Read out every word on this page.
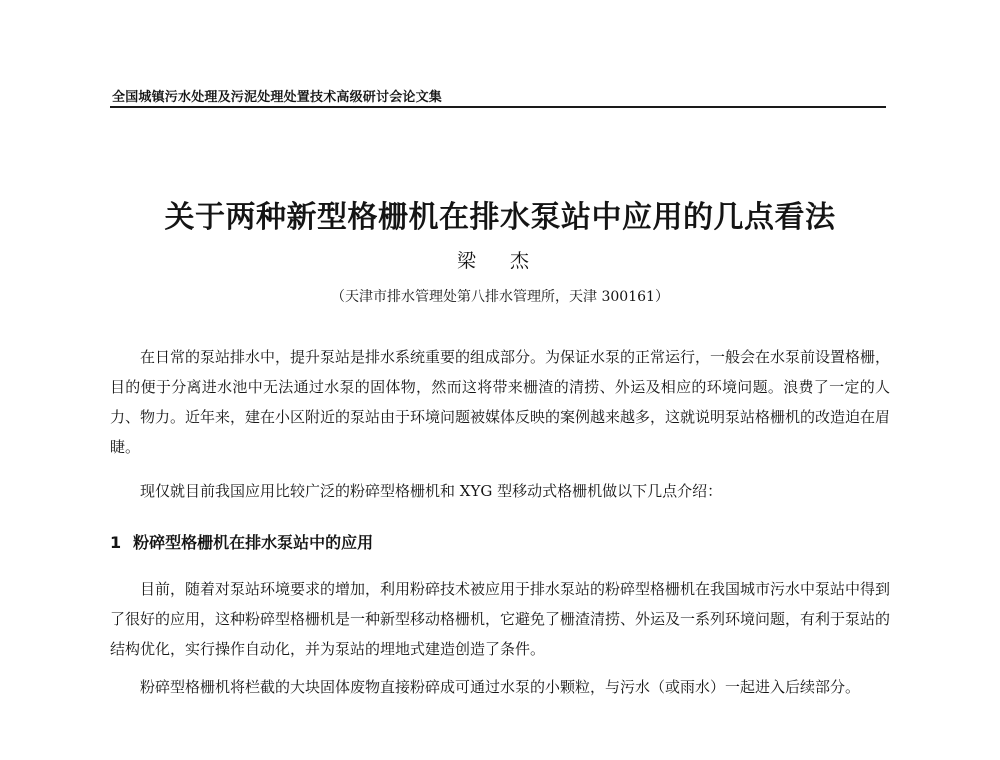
全国城镇污水处理及污泥处理处置技术高级研讨会论文集
关于两种新型格栅机在排水泵站中应用的几点看法
梁 杰
（天津市排水管理处第八排水管理所，天津 300161）

在日常的泵站排水中，提升泵站是排水系统重要的组成部分。为保证水泵的正常运行，一般会在水泵前设置格栅，目的便于分离进水池中无法通过水泵的固体物，然而这将带来栅渣的清捞、外运及相应的环境问题。浪费了一定的人力、物力。近年来，建在小区附近的泵站由于环境问题被媒体反映的案例越来越多，这就说明泵站格栅机的改造迫在眉睫。

现仅就目前我国应用比较广泛的粉碎型格栅机和 XYG 型移动式格栅机做以下几点介绍：

1 粉碎型格栅机在排水泵站中的应用

目前，随着对泵站环境要求的增加，利用粉碎技术被应用于排水泵站的粉碎型格栅机在我国城市污水中泵站中得到了很好的应用，这种粉碎型格栅机是一种新型移动格栅机，它避免了栅渣清捞、外运及一系列环境问题，有利于泵站的结构优化，实行操作自动化，并为泵站的埋地式建造创造了条件。

粉碎型格栅机将栏截的大块固体废物直接粉碎成可通过水泵的小颗粒，与污水（或雨水）一起进入后续部分。
